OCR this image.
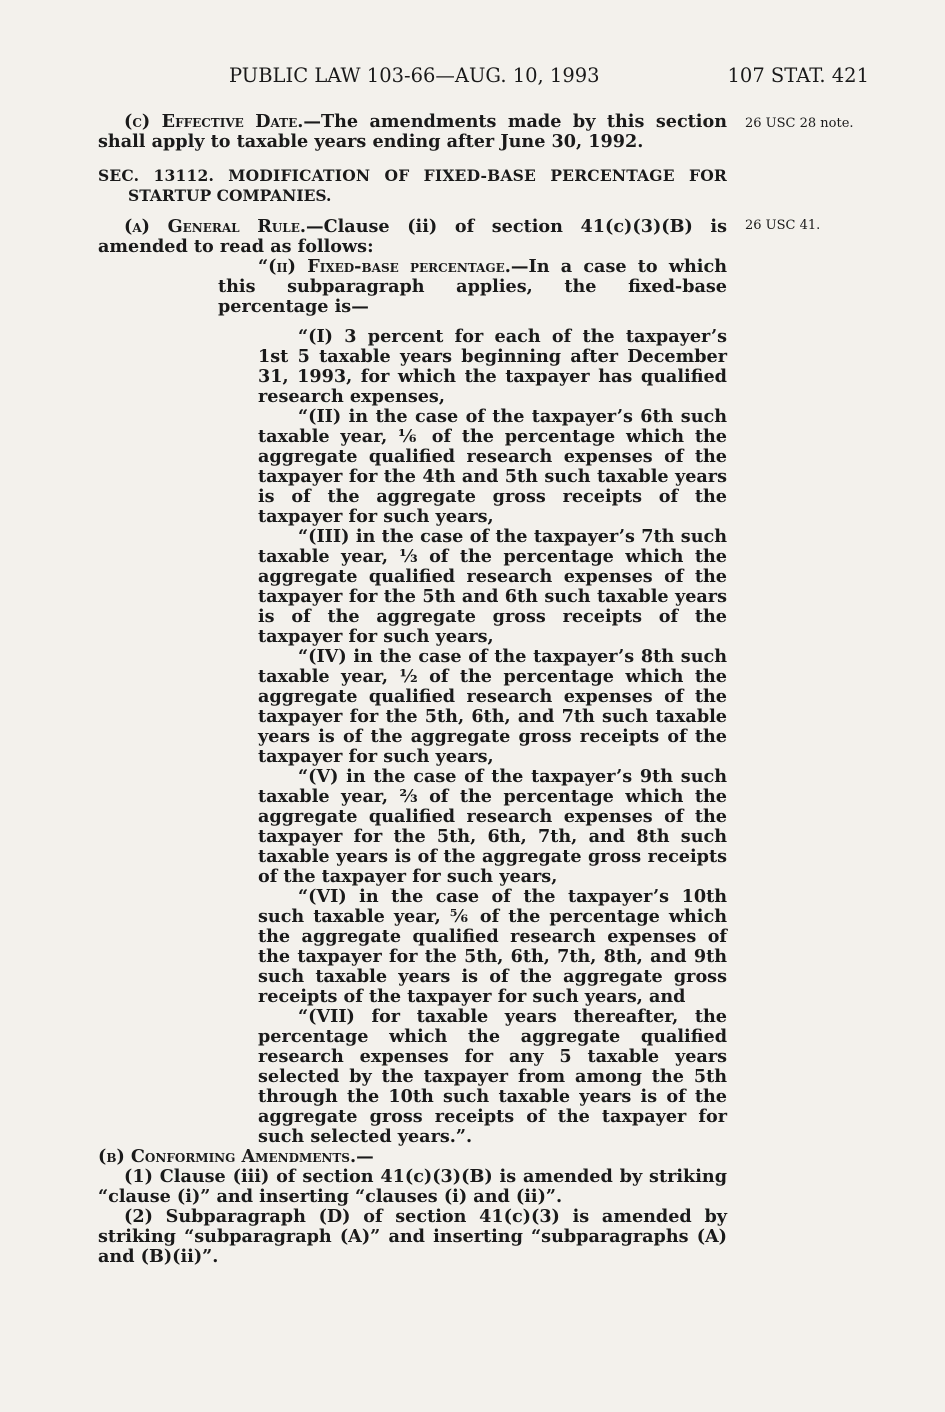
PUBLIC LAW 103-66—AUG. 10, 1993	107 STAT. 421
26 USC 28 note.
26 USC 41.

(c) Effective Date.—The amendments made by this section shall apply to taxable years ending after June 30, 1992.

SEC. 13112. MODIFICATION OF FIXED-BASE PERCENTAGE FOR

STARTUP COMPANIES.

(a) General Rule.—Clause (ii) of section 41(c)(3)(B) is amended to read as follows:

“(ii) Fixed-base percentage.—In a case to which this subparagraph applies, the fixed-base percentage is—

“(I) 3 percent for each of the taxpayer’s 1st 5 taxable years beginning after December 31, 1993, for which the taxpayer has qualified research expenses,

“(II) in the case of the taxpayer’s 6th such taxable year, ⅙ of the percentage which the aggregate qualified research expenses of the taxpayer for the 4th and 5th such taxable years is of the aggregate gross receipts of the taxpayer for such years,

“(III) in the case of the taxpayer’s 7th such taxable year, ⅓ of the percentage which the aggregate qualified research expenses of the taxpayer for the 5th and 6th such taxable years is of the aggregate gross receipts of the taxpayer for such years,

“(IV) in the case of the taxpayer’s 8th such taxable year, ½ of the percentage which the aggregate qualified research expenses of the taxpayer for the 5th, 6th, and 7th such taxable years is of the aggregate gross receipts of the taxpayer for such years,

“(V) in the case of the taxpayer’s 9th such taxable year, ⅔ of the percentage which the aggregate qualified research expenses of the taxpayer for the 5th, 6th, 7th, and 8th such taxable years is of the aggregate gross receipts of the taxpayer for such years,

“(VI) in the case of the taxpayer’s 10th such taxable year, ⅚ of the percentage which the aggregate qualified research expenses of the taxpayer for the 5th, 6th, 7th, 8th, and 9th such taxable years is of the aggregate gross receipts of the taxpayer for such years, and

“(VII) for taxable years thereafter, the percentage which the aggregate qualified research expenses for any 5 taxable years selected by the taxpayer from among the 5th through the 10th such taxable years is of the aggregate gross receipts of the taxpayer for such selected years.”.

(b) Conforming Amendments.—

(1) Clause (iii) of section 41(c)(3)(B) is amended by striking “clause (i)” and inserting “clauses (i) and (ii)”.

(2) Subparagraph (D) of section 41(c)(3) is amended by striking “subparagraph (A)” and inserting “subparagraphs (A) and (B)(ii)”.
